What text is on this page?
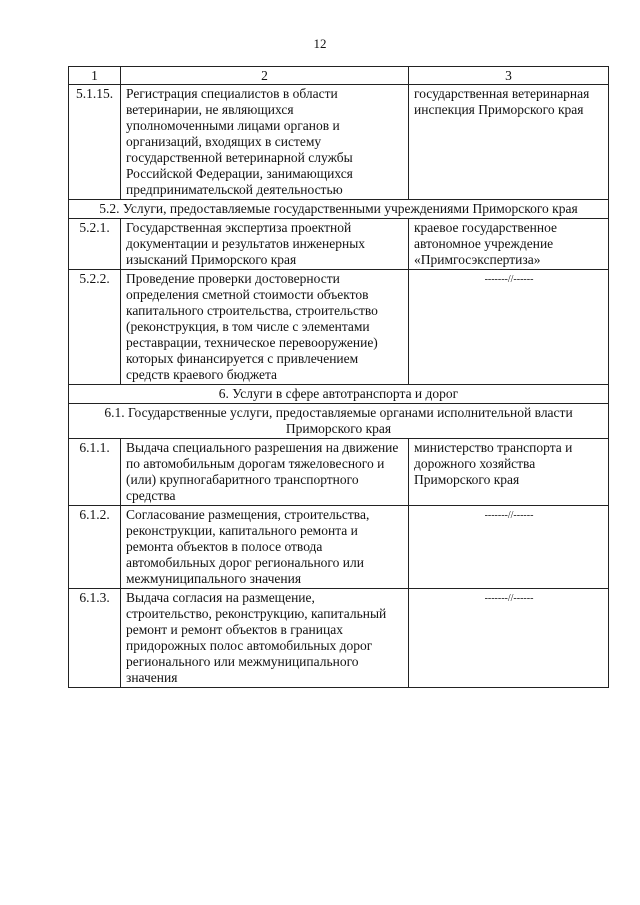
12
1	2	3
5.1.15.	Регистрация специалистов в области ветеринарии, не являющихся уполномоченными лицами органов и организаций, входящих в систему государственной ветеринарной службы Российской Федерации, занимающихся предпринимательской деятельностью	государственная ветеринарная инспекция Приморского края
5.2. Услуги, предоставляемые государственными учреждениями Приморского края		
5.2.1.	Государственная экспертиза проектной документации и результатов инженерных изысканий Приморского края	краевое государственное автономное учреждение «Примгосэкспертиза»
5.2.2.	Проведение проверки достоверности определения сметной стоимости объектов капитального строительства, строительство (реконструкция, в том числе с элементами реставрации, техническое перевооружение) которых финансируется с привлечением средств краевого бюджета	-------//------
6. Услуги в сфере автотранспорта и дорог		
6.1. Государственные услуги, предоставляемые органами исполнительной власти Приморского края		
6.1.1.	Выдача специального разрешения на движение по автомобильным дорогам тяжеловесного и (или) крупногабаритного транспортного средства	министерство транспорта и дорожного хозяйства Приморского края
6.1.2.	Согласование размещения, строительства, реконструкции, капитального ремонта и ремонта объектов в полосе отвода автомобильных дорог регионального или межмуниципального значения	-------//------
6.1.3.	Выдача согласия на размещение, строительство, реконструкцию, капитальный ремонт и ремонт объектов в границах придорожных полос автомобильных дорог регионального или межмуниципального значения	-------//------
